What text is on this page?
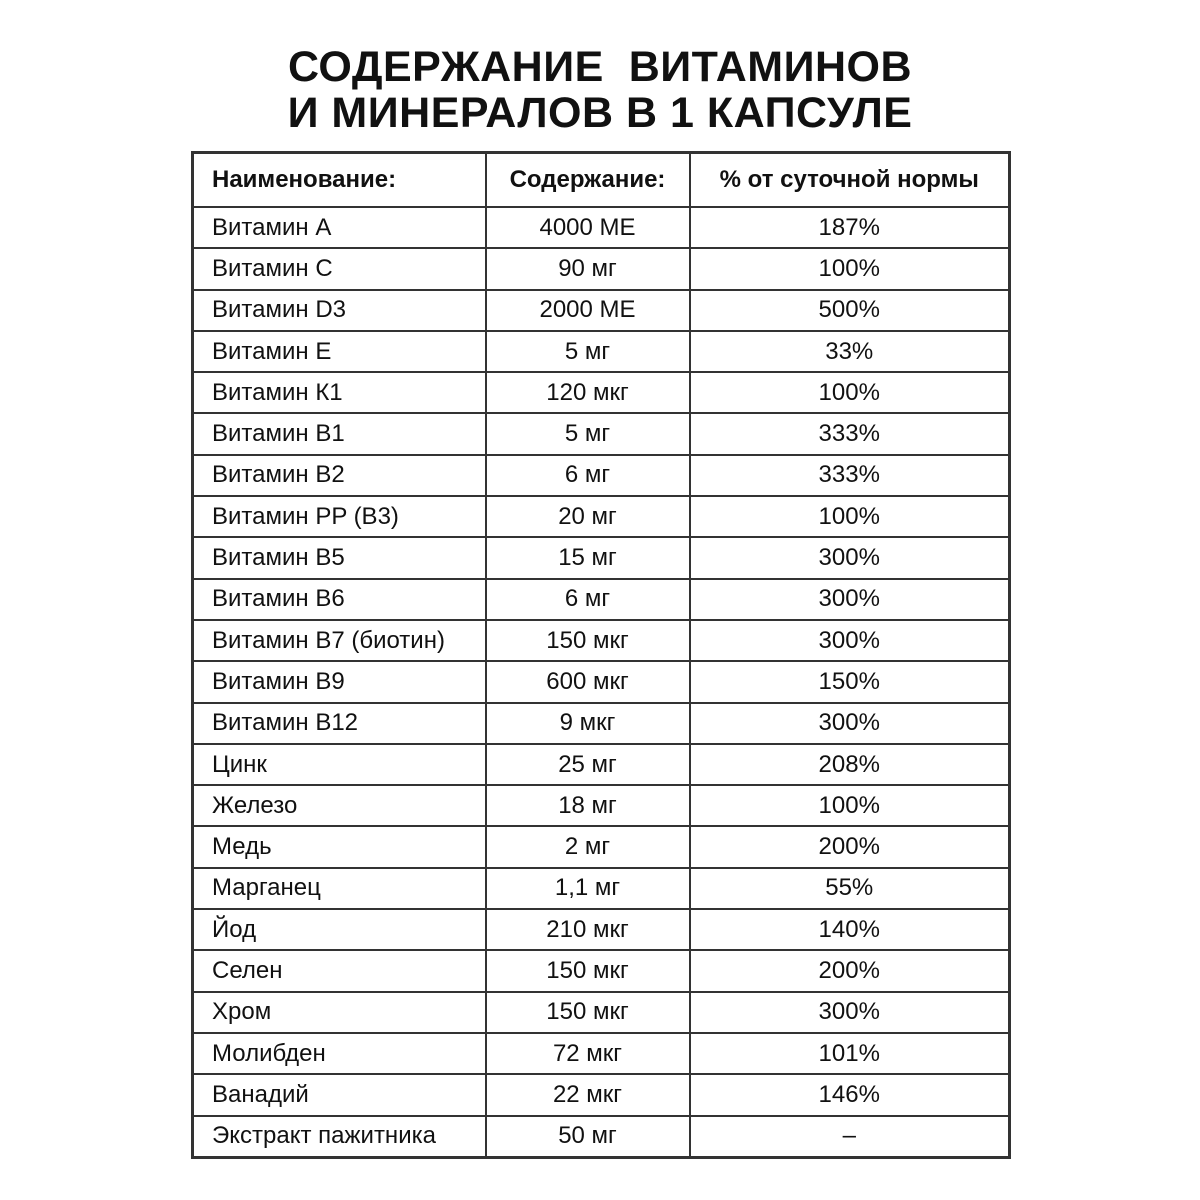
СОДЕРЖАНИЕ  ВИТАМИНОВ
И МИНЕРАЛОВ В 1 КАПСУЛЕ
Наименование:	Содержание:	% от суточной нормы
Витамин А	4000 МЕ	187%
Витамин С	90 мг	100%
Витамин D3	2000 МЕ	500%
Витамин Е	5 мг	33%
Витамин К1	120 мкг	100%
Витамин В1	5 мг	333%
Витамин В2	6 мг	333%
Витамин PP (В3)	20 мг	100%
Витамин В5	15 мг	300%
Витамин В6	6 мг	300%
Витамин В7 (биотин)	150 мкг	300%
Витамин В9	600 мкг	150%
Витамин В12	9 мкг	300%
Цинк	25 мг	208%
Железо	18 мг	100%
Медь	2 мг	200%
Марганец	1,1 мг	55%
Йод	210 мкг	140%
Селен	150 мкг	200%
Хром	150 мкг	300%
Молибден	72 мкг	101%
Ванадий	22 мкг	146%
Экстракт пажитника	50 мг	–
